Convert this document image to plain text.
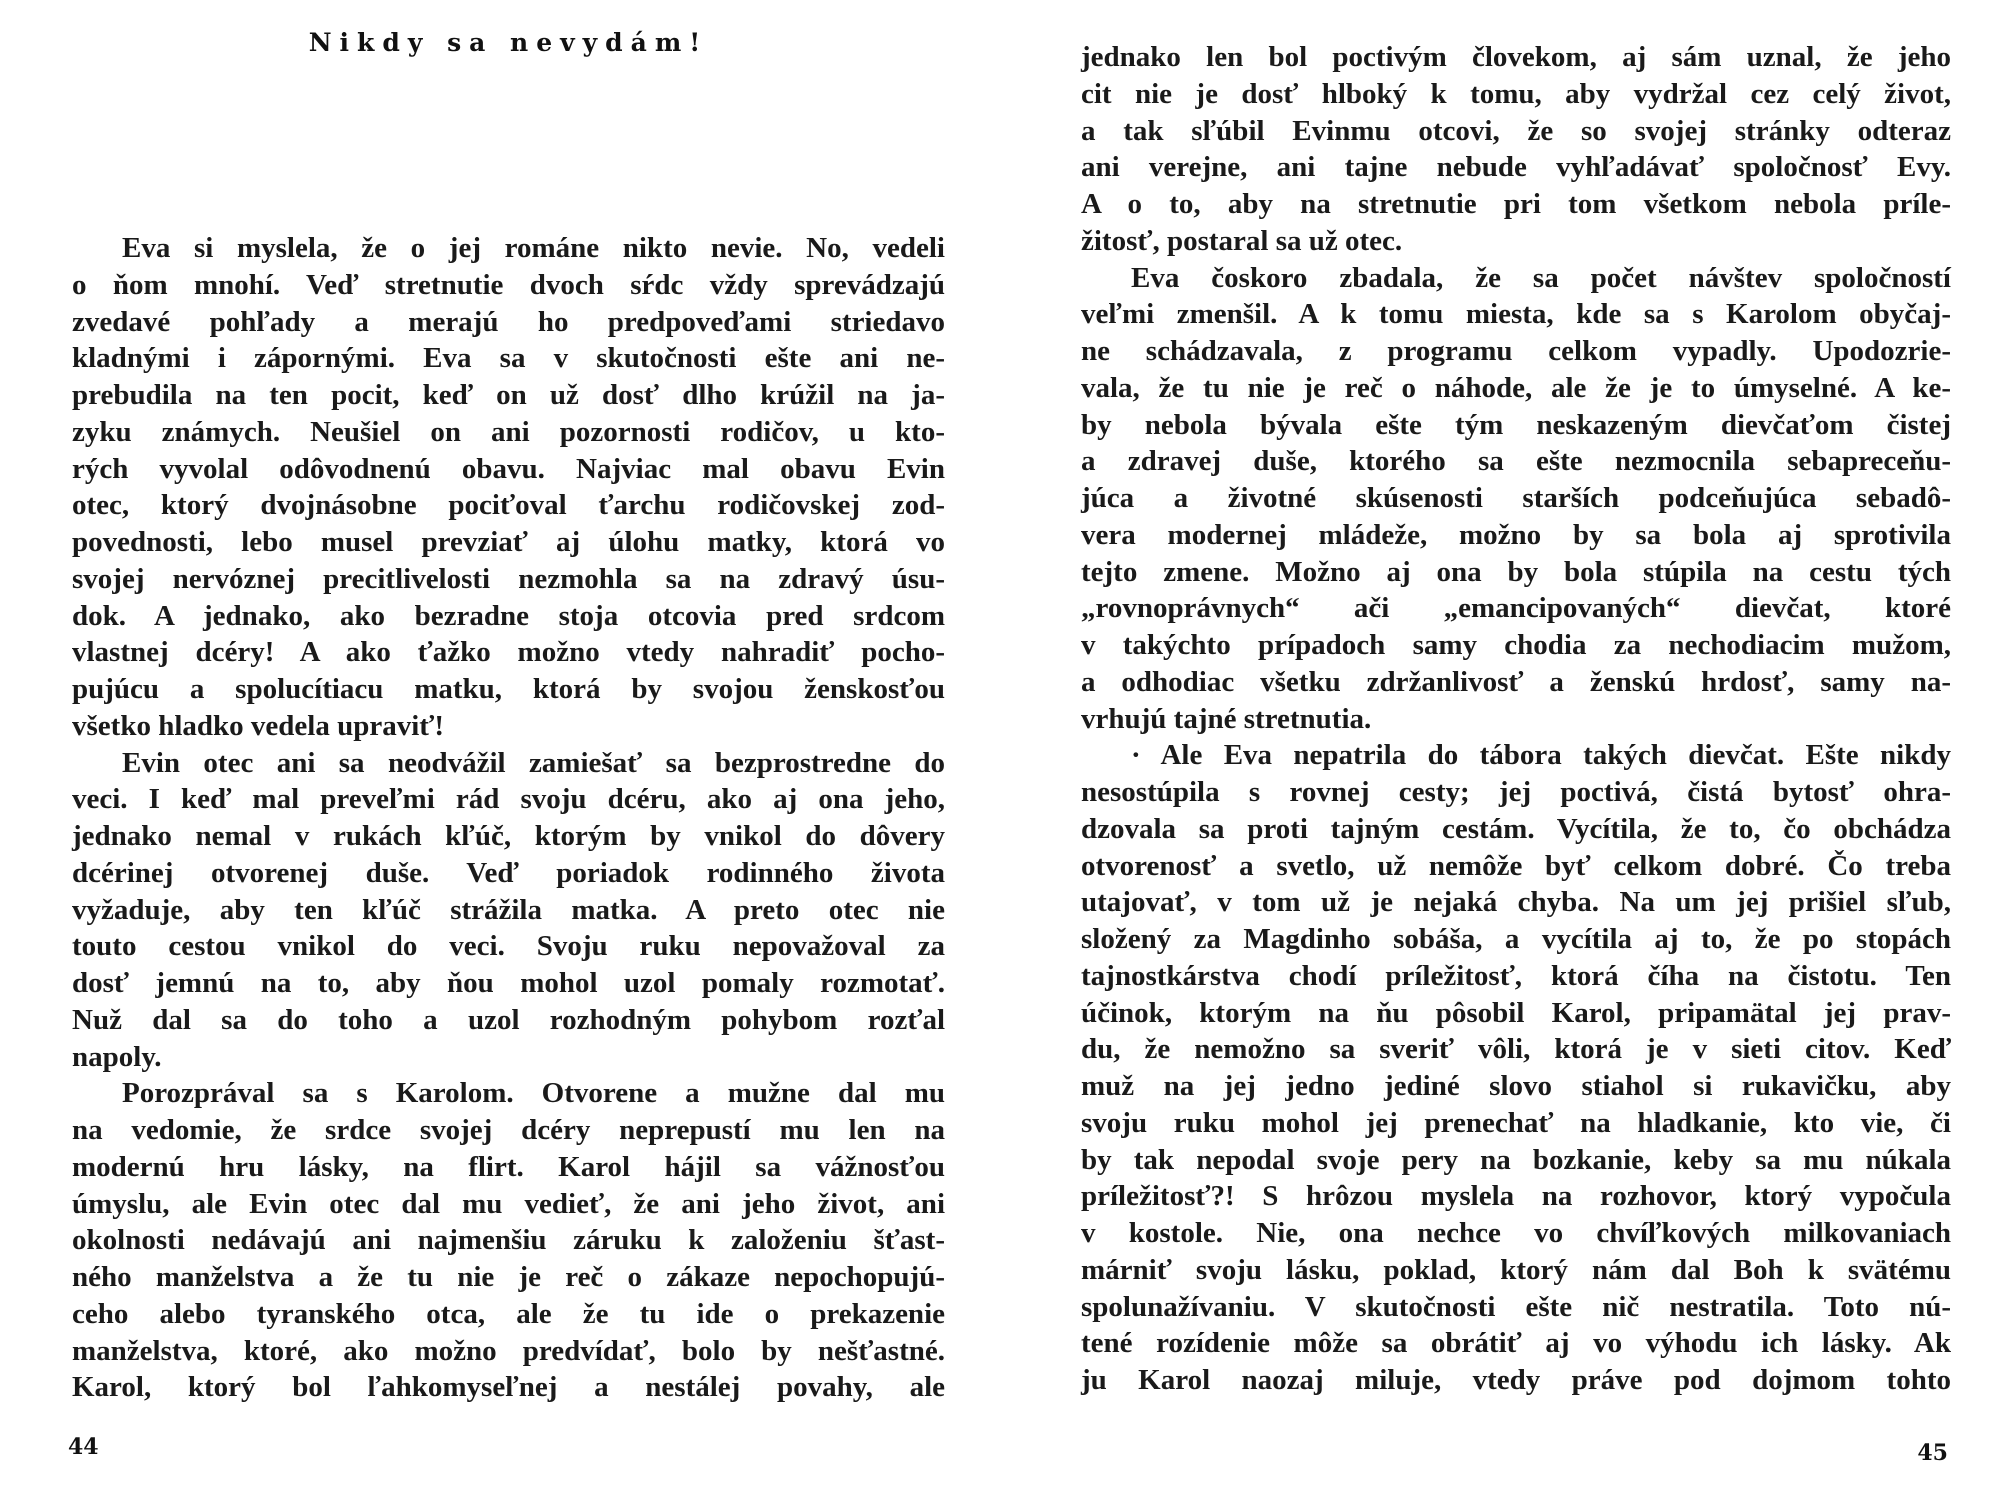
Nikdy sa nevydám!
Eva si myslela, že o jej románe nikto nevie. No, vedeli
o ňom mnohí. Veď stretnutie dvoch sŕdc vždy sprevádzajú
zvedavé pohľady a merajú ho predpoveďami striedavo
kladnými i zápornými. Eva sa v skutočnosti ešte ani ne-
prebudila na ten pocit, keď on už dosť dlho krúžil na ja-
zyku známych. Neušiel on ani pozornosti rodičov, u kto-
rých vyvolal odôvodnenú obavu. Najviac mal obavu Evin
otec, ktorý dvojnásobne pociťoval ťarchu rodičovskej zod-
povednosti, lebo musel prevziať aj úlohu matky, ktorá vo
svojej nervóznej precitlivelosti nezmohla sa na zdravý úsu-
dok. A jednako, ako bezradne stoja otcovia pred srdcom
vlastnej dcéry! A ako ťažko možno vtedy nahradiť pocho-
pujúcu a spolucítiacu matku, ktorá by svojou ženskosťou
všetko hladko vedela upraviť!
Evin otec ani sa neodvážil zamiešať sa bezprostredne do
veci. I keď mal preveľmi rád svoju dcéru, ako aj ona jeho,
jednako nemal v rukách kľúč, ktorým by vnikol do dôvery
dcérinej otvorenej duše. Veď poriadok rodinného života
vyžaduje, aby ten kľúč strážila matka. A preto otec nie
touto cestou vnikol do veci. Svoju ruku nepovažoval za
dosť jemnú na to, aby ňou mohol uzol pomaly rozmotať.
Nuž dal sa do toho a uzol rozhodným pohybom rozťal
napoly.
Porozprával sa s Karolom. Otvorene a mužne dal mu
na vedomie, že srdce svojej dcéry neprepustí mu len na
modernú hru lásky, na flirt. Karol hájil sa vážnosťou
úmyslu, ale Evin otec dal mu vedieť, že ani jeho život, ani
okolnosti nedávajú ani najmenšiu záruku k založeniu šťast-
ného manželstva a že tu nie je reč o zákaze nepochopujú-
ceho alebo tyranského otca, ale že tu ide o prekazenie
manželstva, ktoré, ako možno predvídať, bolo by nešťastné.
Karol, ktorý bol ľahkomyseľnej a nestálej povahy, ale
44
jednako len bol poctivým človekom, aj sám uznal, že jeho
cit nie je dosť hlboký k tomu, aby vydržal cez celý život,
a tak sľúbil Evinmu otcovi, že so svojej stránky odteraz
ani verejne, ani tajne nebude vyhľadávať spoločnosť Evy.
A o to, aby na stretnutie pri tom všetkom nebola príle-
žitosť, postaral sa už otec.
Eva čoskoro zbadala, že sa počet návštev spoločností
veľmi zmenšil. A k tomu miesta, kde sa s Karolom obyčaj-
ne schádzavala, z programu celkom vypadly. Upodozrie-
vala, že tu nie je reč o náhode, ale že je to úmyselné. A ke-
by nebola bývala ešte tým neskazeným dievčaťom čistej
a zdravej duše, ktorého sa ešte nezmocnila sebapreceňu-
júca a životné skúsenosti starších podceňujúca sebadô-
vera modernej mládeže, možno by sa bola aj sprotivila
tejto zmene. Možno aj ona by bola stúpila na cestu tých
„rovnoprávnych“ ači „emancipovaných“ dievčat, ktoré
v takýchto prípadoch samy chodia za nechodiacim mužom,
a odhodiac všetku zdržanlivosť a ženskú hrdosť, samy na-
vrhujú tajné stretnutia.
· Ale Eva nepatrila do tábora takých dievčat. Ešte nikdy
nesostúpila s rovnej cesty; jej poctivá, čistá bytosť ohra-
dzovala sa proti tajným cestám. Vycítila, že to, čo obchádza
otvorenosť a svetlo, už nemôže byť celkom dobré. Čo treba
utajovať, v tom už je nejaká chyba. Na um jej prišiel sľub,
složený za Magdinho sobáša, a vycítila aj to, že po stopách
tajnostkárstva chodí príležitosť, ktorá číha na čistotu. Ten
účinok, ktorým na ňu pôsobil Karol, pripamätal jej prav-
du, že nemožno sa sveriť vôli, ktorá je v sieti citov. Keď
muž na jej jedno jediné slovo stiahol si rukavičku, aby
svoju ruku mohol jej prenechať na hladkanie, kto vie, či
by tak nepodal svoje pery na bozkanie, keby sa mu núkala
príležitosť?! S hrôzou myslela na rozhovor, ktorý vypočula
v kostole. Nie, ona nechce vo chvíľkových milkovaniach
márniť svoju lásku, poklad, ktorý nám dal Boh k svätému
spolunažívaniu. V skutočnosti ešte nič nestratila. Toto nú-
tené rozídenie môže sa obrátiť aj vo výhodu ich lásky. Ak
ju Karol naozaj miluje, vtedy práve pod dojmom tohto
45
